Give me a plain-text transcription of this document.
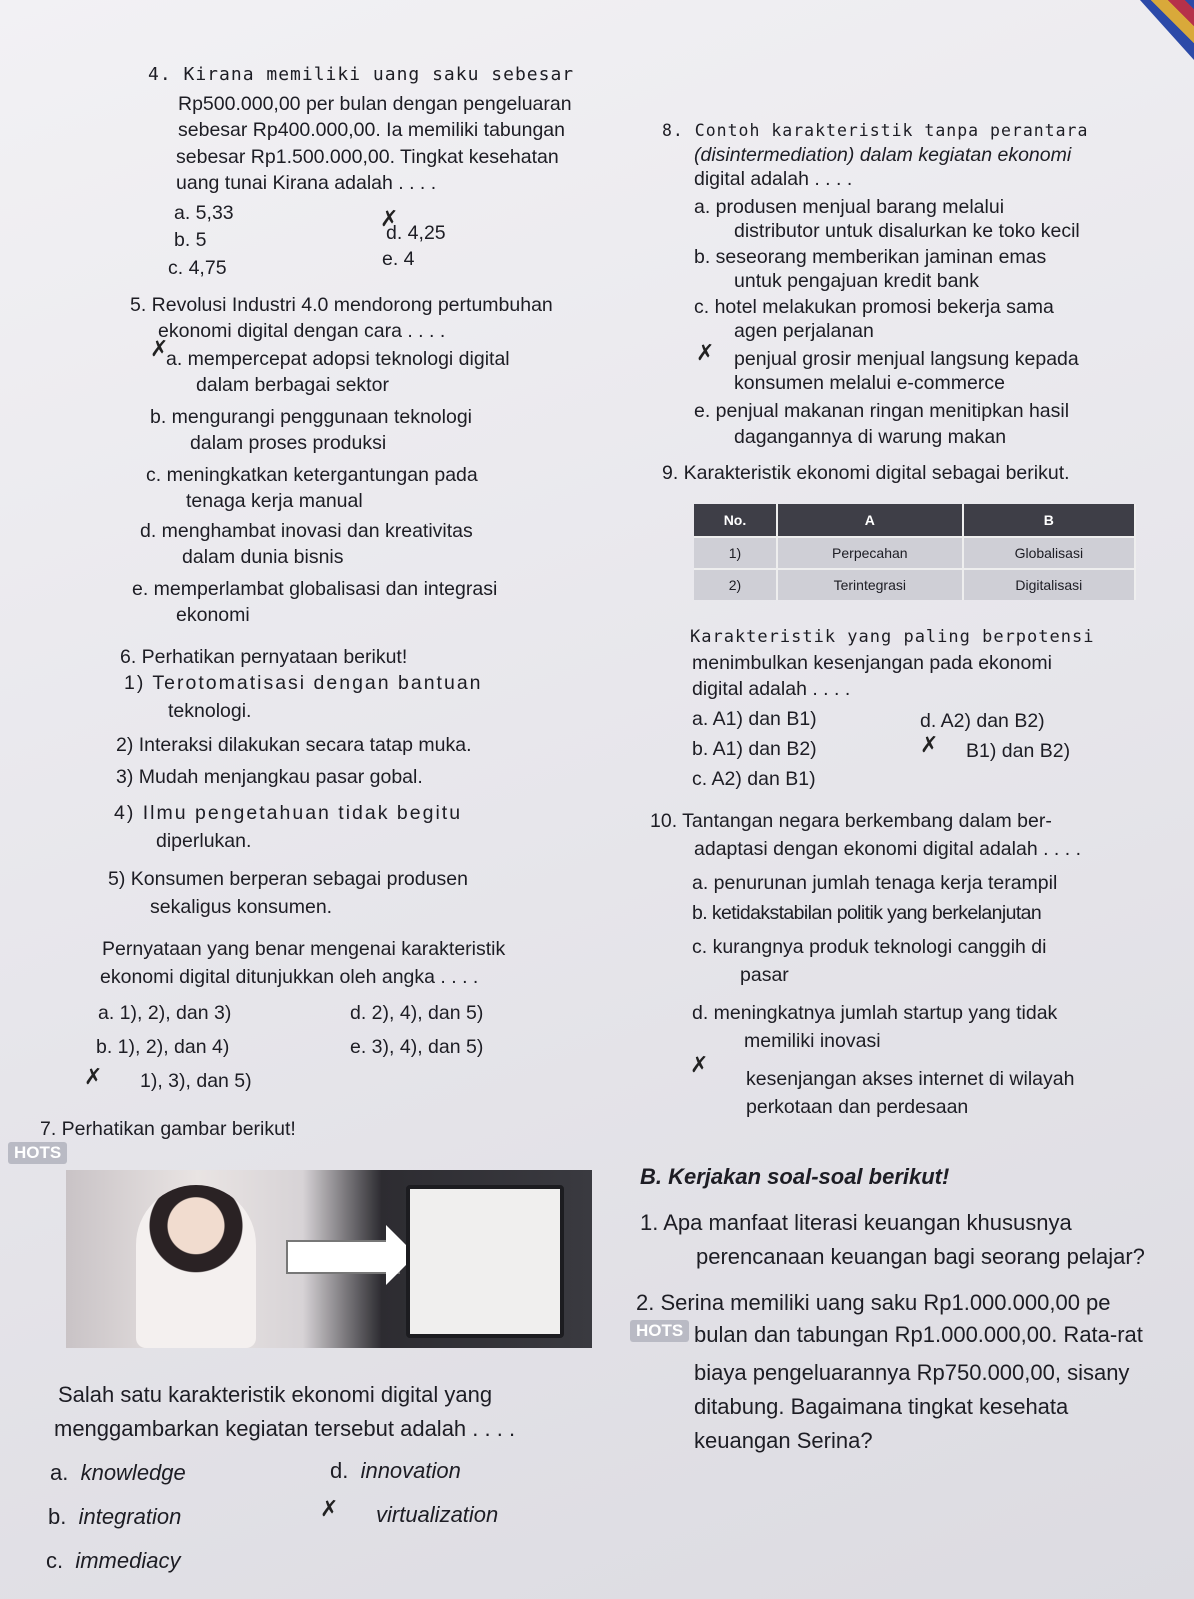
4. Kirana memiliki uang saku sebesar
Rp500.000,00 per bulan dengan pengeluaran
sebesar Rp400.000,00. Ia memiliki tabungan
sebesar Rp1.500.000,00. Tingkat kesehatan
uang tunai Kirana adalah . . . .
a. 5,33
b. 5
c. 4,75
d. 4,25
✗
e. 4
5. Revolusi Industri 4.0 mendorong pertumbuhan
ekonomi digital dengan cara . . . .
✗
a. mempercepat adopsi teknologi digital
dalam berbagai sektor
b. mengurangi penggunaan teknologi
dalam proses produksi
c. meningkatkan ketergantungan pada
tenaga kerja manual
d. menghambat inovasi dan kreativitas
dalam dunia bisnis
e. memperlambat globalisasi dan integrasi
ekonomi
6. Perhatikan pernyataan berikut!
1) Terotomatisasi dengan bantuan
teknologi.
2) Interaksi dilakukan secara tatap muka.
3) Mudah menjangkau pasar gobal.
4) Ilmu pengetahuan tidak begitu
diperlukan.
5) Konsumen berperan sebagai produsen
sekaligus konsumen.
Pernyataan yang benar mengenai karakteristik
ekonomi digital ditunjukkan oleh angka . . . .
a. 1), 2), dan 3)
b. 1), 2), dan 4)
✗ 1), 3), dan 5)
d. 2), 4), dan 5)
e. 3), 4), dan 5)
7. Perhatikan gambar berikut!
HOTS
Salah satu karakteristik ekonomi digital yang
menggambarkan kegiatan tersebut adalah . . . .
a.  knowledge
b.  integration
c.  immediacy
d.  innovation
✗ virtualization
8. Contoh karakteristik tanpa perantara
(disintermediation) dalam kegiatan ekonomi
digital adalah . . . .
a. produsen menjual barang melalui
distributor untuk disalurkan ke toko kecil
b. seseorang memberikan jaminan emas
untuk pengajuan kredit bank
c. hotel melakukan promosi bekerja sama
agen perjalanan
✗ penjual grosir menjual langsung kepada
konsumen melalui e-commerce
e. penjual makanan ringan menitipkan hasil
dagangannya di warung makan
9. Karakteristik ekonomi digital sebagai berikut.
No.	A	B
1)	Perpecahan	Globalisasi
2)	Terintegrasi	Digitalisasi
Karakteristik yang paling berpotensi
menimbulkan kesenjangan pada ekonomi
digital adalah . . . .
a. A1) dan B1)
b. A1) dan B2)
c. A2) dan B1)
d. A2) dan B2)
✗ B1) dan B2)
10. Tantangan negara berkembang dalam ber-
adaptasi dengan ekonomi digital adalah . . . .
a. penurunan jumlah tenaga kerja terampil
b. ketidakstabilan politik yang berkelanjutan
c. kurangnya produk teknologi canggih di
pasar
d. meningkatnya jumlah startup yang tidak
memiliki inovasi
✗
kesenjangan akses internet di wilayah
perkotaan dan perdesaan
B. Kerjakan soal-soal berikut!
1. Apa manfaat literasi keuangan khususnya
perencanaan keuangan bagi seorang pelajar?
2. Serina memiliki uang saku Rp1.000.000,00 pe
HOTS bulan dan tabungan Rp1.000.000,00. Rata-rat
biaya pengeluarannya Rp750.000,00, sisany
ditabung. Bagaimana tingkat kesehata
keuangan Serina?
